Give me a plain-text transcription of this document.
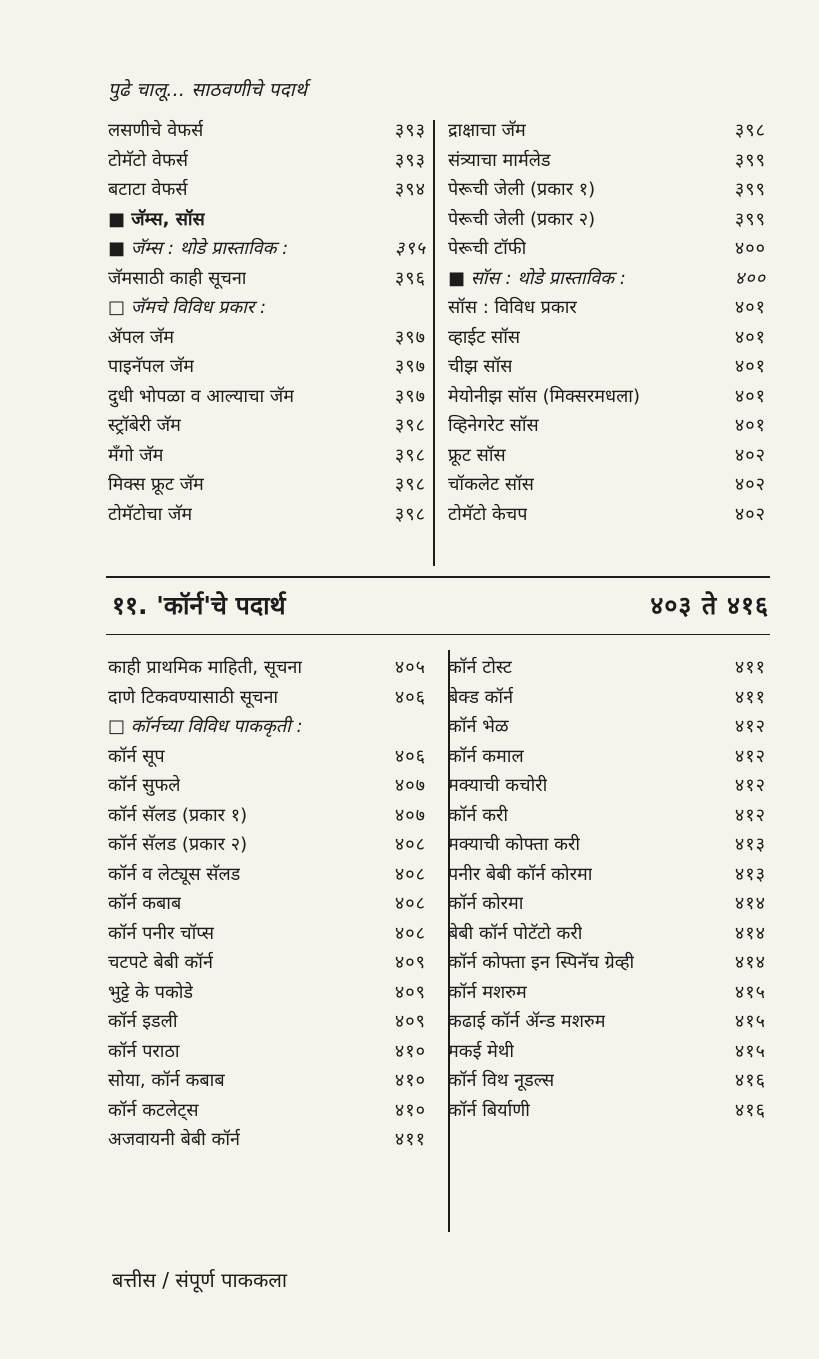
पुढे चालू... साठवणीचे पदार्थ
लसणीचे वेफर्स	३९३
टोमॅटो वेफर्स	३९३
बटाटा वेफर्स	३९४
■ जॅम्स, सॉस
■ जॅम्स : थोडे प्रास्ताविक :	३९५
जॅमसाठी काही सूचना	३९६
□ जॅमचे विविध प्रकार :
ॲपल जॅम	३९७
पाइनॅपल जॅम	३९७
दुधी भोपळा व आल्याचा जॅम	३९७
स्ट्रॉबेरी जॅम	३९८
मँगो जॅम	३९८
मिक्स फ्रूट जॅम	३९८
टोमॅटोचा जॅम	३९८
द्राक्षाचा जॅम	३९८
संत्र्याचा मार्मलेड	३९९
पेरूची जेली (प्रकार १)	३९९
पेरूची जेली (प्रकार २)	३९९
पेरूची टॉफी	४००
■ सॉस : थोडे प्रास्ताविक :	४००
सॉस : विविध प्रकार	४०१
व्हाईट सॉस	४०१
चीझ सॉस	४०१
मेयोनीझ सॉस (मिक्सरमधला)	४०१
व्हिनेगरेट सॉस	४०१
फ्रूट सॉस	४०२
चॉकलेट सॉस	४०२
टोमॅटो केचप	४०२
११. 'कॉर्न'चे पदार्थ	४०३ ते ४१६
काही प्राथमिक माहिती, सूचना	४०५
दाणे टिकवण्यासाठी सूचना	४०६
□ कॉर्नच्या विविध पाककृती :
कॉर्न सूप	४०६
कॉर्न सुफले	४०७
कॉर्न सॅलड (प्रकार १)	४०७
कॉर्न सॅलड (प्रकार २)	४०८
कॉर्न व लेट्यूस सॅलड	४०८
कॉर्न कबाब	४०८
कॉर्न पनीर चॉप्स	४०८
चटपटे बेबी कॉर्न	४०९
भुट्टे के पकोडे	४०९
कॉर्न इडली	४०९
कॉर्न पराठा	४१०
सोया, कॉर्न कबाब	४१०
कॉर्न कटलेट्स	४१०
अजवायनी बेबी कॉर्न	४११
कॉर्न टोस्ट	४११
बेक्ड कॉर्न	४११
कॉर्न भेळ	४१२
कॉर्न कमाल	४१२
मक्याची कचोरी	४१२
कॉर्न करी	४१२
मक्याची कोफ्ता करी	४१३
पनीर बेबी कॉर्न कोरमा	४१३
कॉर्न कोरमा	४१४
बेबी कॉर्न पोटॅटो करी	४१४
कॉर्न कोफ्ता इन स्पिनॅच ग्रेव्ही	४१४
कॉर्न मशरुम	४१५
कढाई कॉर्न ॲन्ड मशरुम	४१५
मकई मेथी	४१५
कॉर्न विथ नूडल्स	४१६
कॉर्न बिर्याणी	४१६
बत्तीस / संपूर्ण पाककला
